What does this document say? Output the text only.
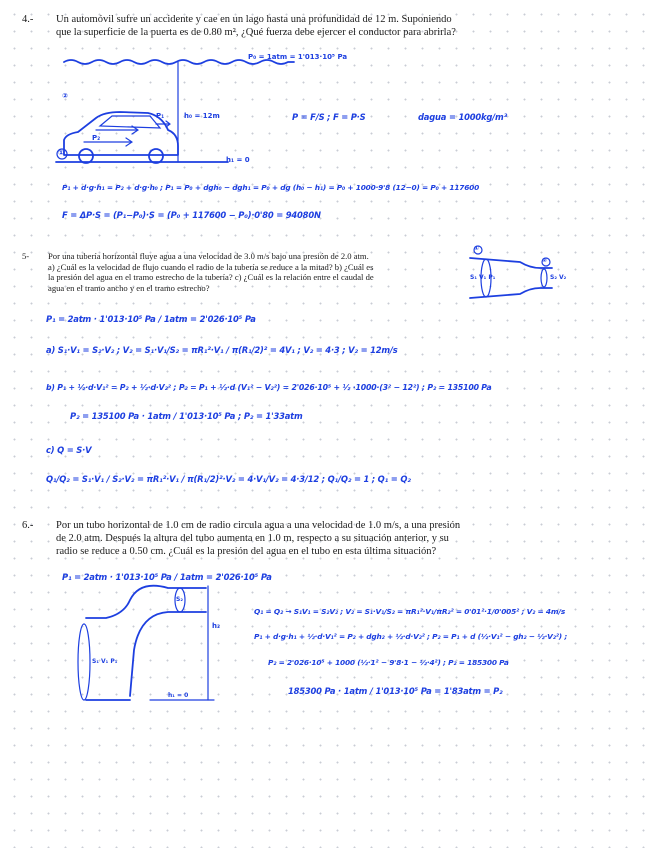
4.- Un automóvil sufre un accidente y cae en un lago hasta una profundidad de 12 m. Suponiendo
que la superficie de la puerta es de 0.80 m², ¿Qué fuerza debe ejercer el conductor para abrirla?
P₀ = 1atm = 1'013·10⁵ Pa
h₀ = 12m
P₁
P₂
h₁ = 0
①
②
P = F/S ; F = P·S	dagua = 1000kg/m³
P₁ + d·g·h₁ = P₂ + d·g·h₀ ; P₁ = P₀ + dgh₀ − dgh₁ = P₀ + dg (h₀ − h₁) = P₀ + 1000·9'8 (12−0) = P₀ + 117600
F = ΔP·S = (P₁−P₀)·S = (P₀ + 117600 − P₀)·0'80 = 94080N
5- Por una tubería horizontal fluye agua a una velocidad de 3.0 m/s bajo una presión de 2.0 atm.
a) ¿Cuál es la velocidad de flujo cuando el radio de la tubería se reduce a la mitad? b) ¿Cuál es
la presión del agua en el tramo estrecho de la tubería? c) ¿Cuál es la relación entre el caudal de
agua en el tramo ancho y en el tramo estrecho?
S₁ V₁ P₁	S₂ V₂
①
②
P₁ = 2atm · 1'013·10⁵ Pa / 1atm = 2'026·10⁵ Pa
a) S₁·V₁ = S₂·V₂ ; V₂ = S₁·V₁/S₂ = πR₁²·V₁ / π(R₁/2)² = 4V₁ ; V₂ = 4·3 ; V₂ = 12m/s
b) P₁ + ½·d·V₁² = P₂ + ½·d·V₂² ; P₂ = P₁ + ½·d (V₁² − V₂²) = 2'026·10⁵ + ½ ·1000·(3² − 12²) ; P₂ = 135100 Pa
P₂ = 135100 Pa · 1atm / 1'013·10⁵ Pa ; P₂ = 1'33atm
c) Q = S·V
Q₁/Q₂ = S₁·V₁ / S₂·V₂ = πR₁²·V₁ / π(R₁/2)²·V₂ = 4·V₁/V₂ = 4·3/12 ; Q₁/Q₂ = 1 ; Q₁ = Q₂
6.- Por un tubo horizontal de 1.0 cm de radio circula agua a una velocidad de 1.0 m/s, a una presión
de 2.0 atm. Después la altura del tubo aumenta en 1.0 m, respecto a su situación anterior, y su
radio se reduce a 0.50 cm. ¿Cuál es la presión del agua en el tubo en esta última situación?
h₂
h₁ = 0
S₁ V₁ P₁
S₂
P₁ = 2atm · 1'013·10⁵ Pa / 1atm = 2'026·10⁵ Pa
Q₁ = Q₂ → S₁V₁ = S₂V₂ ; V₂ = S₁·V₁/S₂ = πR₁²·V₁/πR₂² = 0'01²·1/0'005² ; V₂ = 4m/s
P₁ + d·g·h₁ + ½·d·V₁² = P₂ + dgh₂ + ½·d·V₂² ; P₂ = P₁ + d (½·V₁² − gh₂ − ½·V₂²) ;
P₂ = 2'026·10⁵ + 1000 (½·1² − 9'8·1 − ½·4²) ; P₂ = 185300 Pa
185300 Pa · 1atm / 1'013·10⁵ Pa = 1'83atm = P₂
